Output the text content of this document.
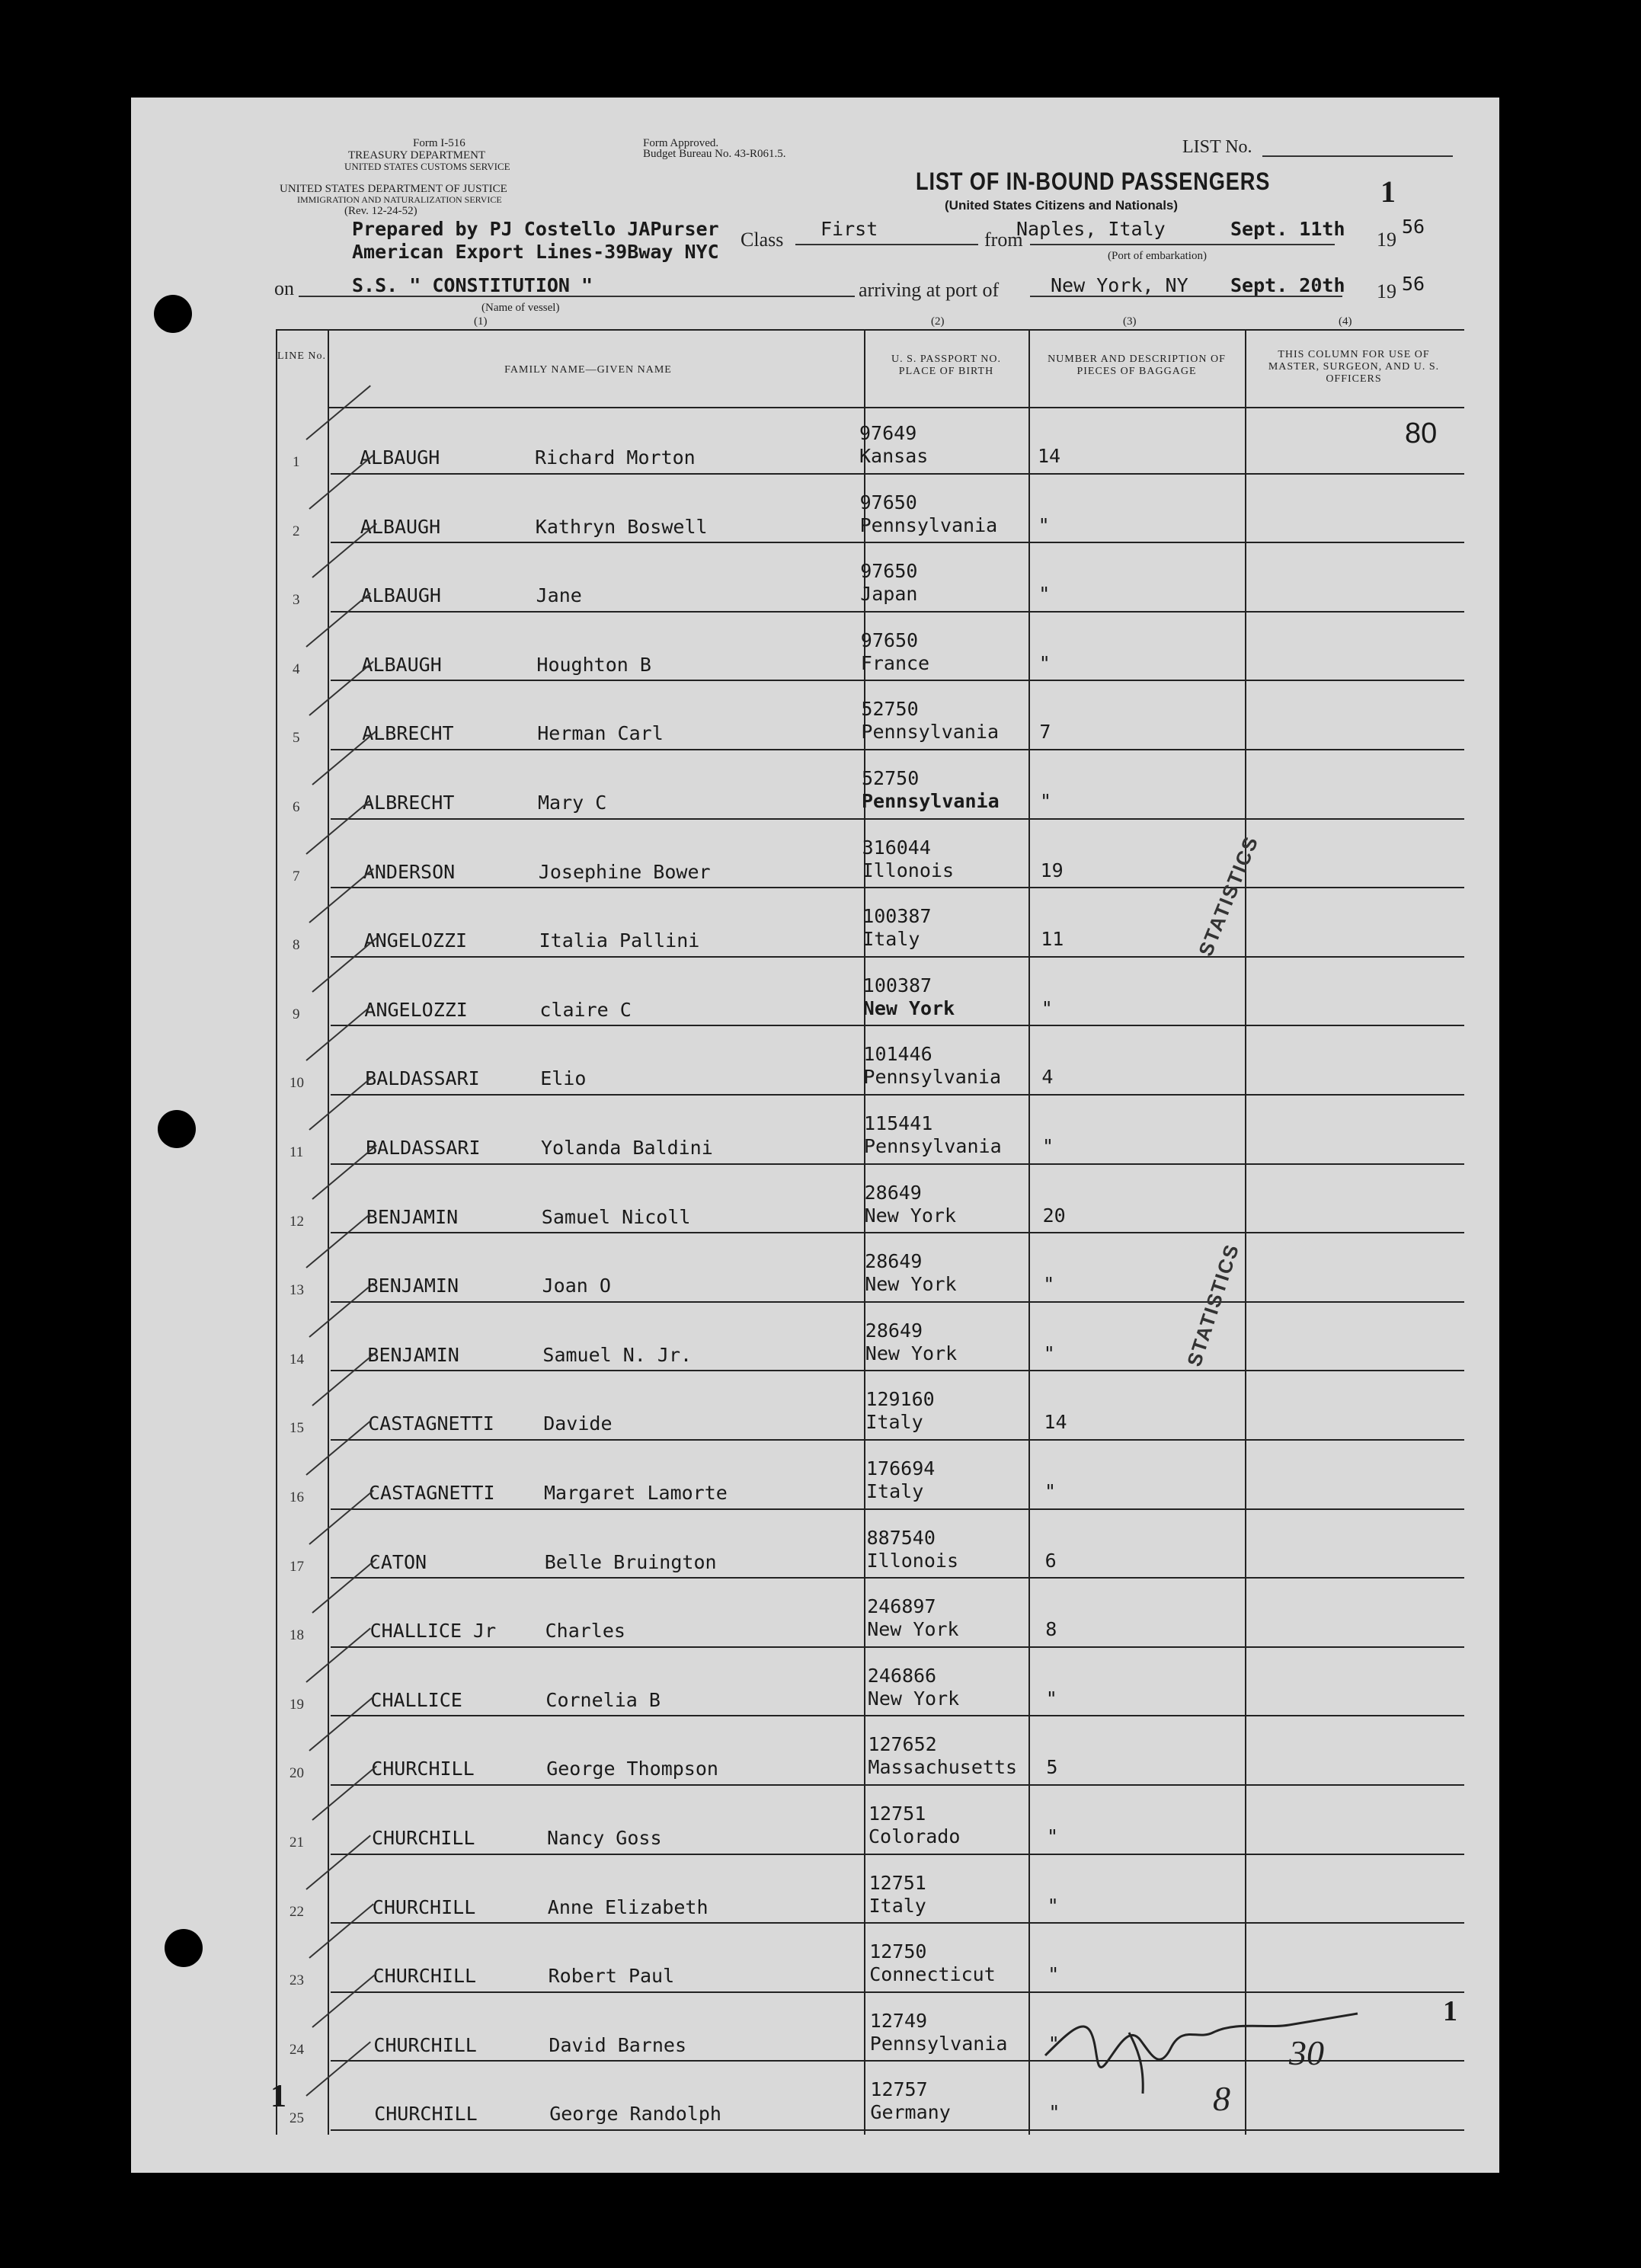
Form I-516
TREASURY DEPARTMENT
UNITED STATES CUSTOMS SERVICE
UNITED STATES DEPARTMENT OF JUSTICE
IMMIGRATION AND NATURALIZATION SERVICE
(Rev. 12-24-52)
Form Approved.
Budget Bureau No. 43-R061.5.	LIST No.
LIST OF IN-BOUND PASSENGERS
(United States Citizens and Nationals)	1
Prepared by PJ Costello JAPurser
American Export Lines-39Bway NYC
Class First	from
Naples, Italy	Sept. 11th 19
56
(Port of embarkation)
on	S.S. " CONSTITUTION "
(Name of vessel)
arriving at port of	New York, NY Sept. 20th 19 56
(1)	(2)	(3)	(4)
LINE No.
FAMILY NAME—GIVEN NAME
U. S. PASSPORT NO. PLACE OF BIRTH
NUMBER AND DESCRIPTION OF PIECES OF BAGGAGE
THIS COLUMN FOR USE OF MASTER, SURGEON, AND U. S. OFFICERS
1	ALBAUGH	Richard Morton
97649
Kansas	14
2	ALBAUGH	Kathryn Boswell
97650
Pennsylvania "
3	ALBAUGH	Jane
97650
Japan	"
4	ALBAUGH	Houghton B
97650
France	"
5	ALBRECHT	Herman Carl
52750
Pennsylvania 7
6	ALBRECHT	Mary C
52750
Pennsylvania "
7	ANDERSON	Josephine Bower
316044
Illonois	19
8	ANGELOZZI	Italia Pallini
100387
Italy	11
9	ANGELOZZI	claire C
100387
New York	"
10	BALDASSARI	Elio
101446
Pennsylvania 4
11	BALDASSARI	Yolanda Baldini
115441
Pennsylvania "
12	BENJAMIN	Samuel Nicoll
28649
New York	20
13	BENJAMIN	Joan O
28649
New York	"
14	BENJAMIN	Samuel N. Jr.
28649
New York	"
15	CASTAGNETTI	Davide
129160
Italy	14
16	CASTAGNETTI	Margaret Lamorte
176694
Italy	"
17	CATON	Belle Bruington
887540
Illonois	6
18	CHALLICE Jr	Charles
246897
New York	8
19	CHALLICE	Cornelia B
246866
New York	"
20	CHURCHILL	George Thompson
127652
Massachusetts 5
21	CHURCHILL	Nancy Goss
12751
Colorado	"
22	CHURCHILL	Anne Elizabeth
12751
Italy	"
23	CHURCHILL	Robert Paul
12750
Connecticut	"
24	CHURCHILL	David Barnes
12749
Pennsylvania "
25	CHURCHILL	George Randolph
12757
Germany	"
80
STATISTICS
STATISTICS
1
1
30
8
